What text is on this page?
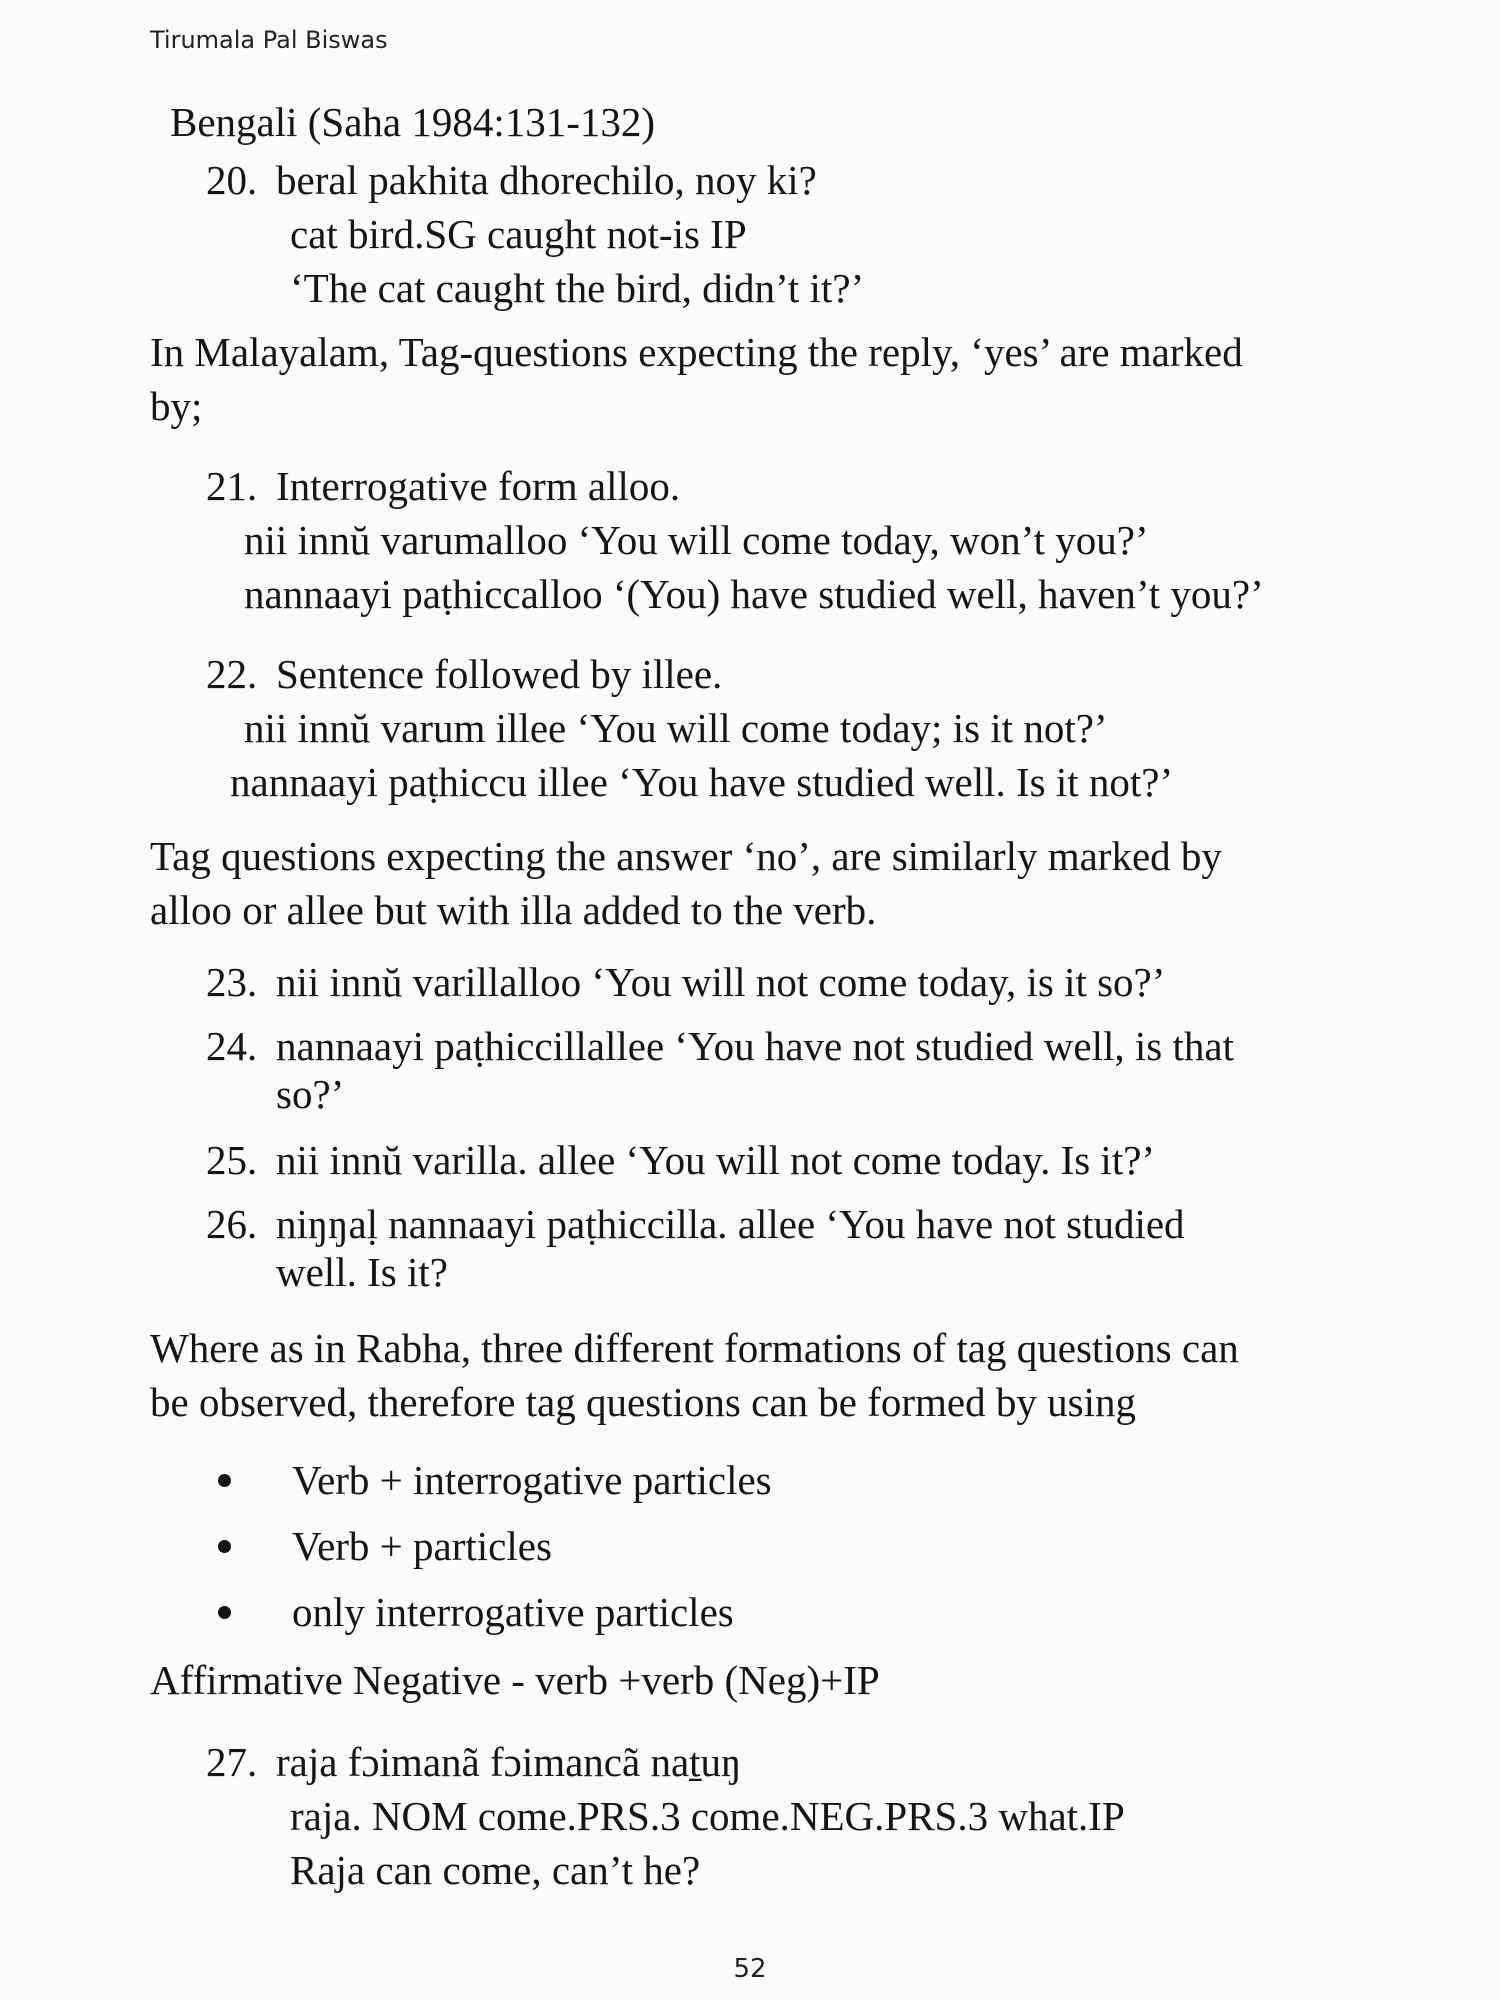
Tirumala Pal Biswas
Bengali (Saha 1984:131-132)
20. beral pakhita dhorechilo, noy ki?
cat bird.SG caught not-is IP
‘The cat caught the bird, didn’t it?’
In Malayalam, Tag-questions expecting the reply, ‘yes’ are marked
by;
21. Interrogative form alloo.
nii innŭ varumalloo ‘You will come today, won’t you?’
nannaayi paṭhiccalloo ‘(You) have studied well, haven’t you?’
22. Sentence followed by illee.
nii innŭ varum illee ‘You will come today; is it not?’
nannaayi paṭhiccu illee ‘You have studied well. Is it not?’
Tag questions expecting the answer ‘no’, are similarly marked by
alloo or allee but with illa added to the verb.
23. nii innŭ varillalloo ‘You will not come today, is it so?’
24. nannaayi paṭhiccillallee ‘You have not studied well, is that
so?’
25. nii innŭ varilla. allee ‘You will not come today. Is it?’
26. niŋŋaḷ nannaayi paṭhiccilla. allee ‘You have not studied
well. Is it?
Where as in Rabha, three different formations of tag questions can
be observed, therefore tag questions can be formed by using
Verb + interrogative particles
Verb + particles
only interrogative particles
Affirmative Negative - verb +verb (Neg)+IP
27. raja fɔimanã fɔimancã naṯuŋ
raja. NOM come.PRS.3 come.NEG.PRS.3 what.IP
Raja can come, can’t he?
52
